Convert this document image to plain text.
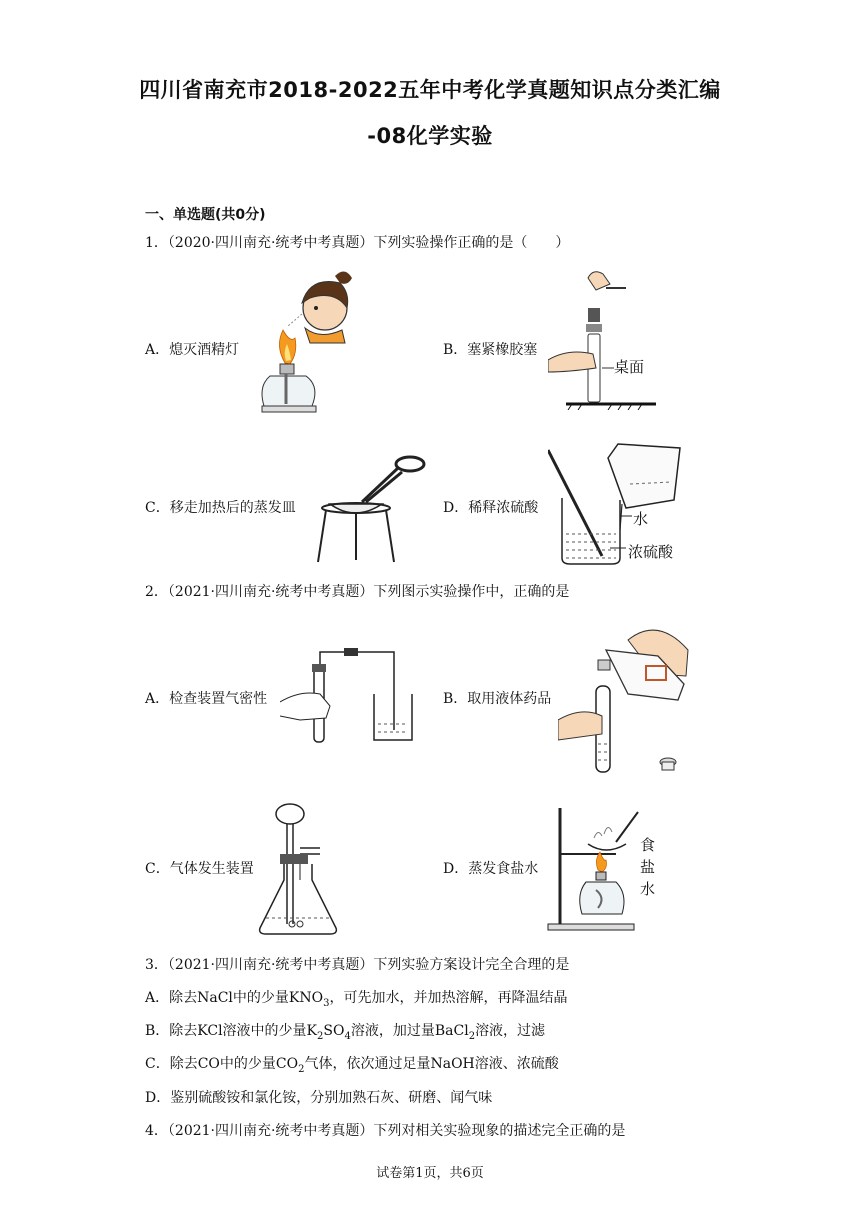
四川省南充市2018-2022五年中考化学真题知识点分类汇编
-08化学实验
一、单选题(共0分)
1．（2020·四川南充·统考中考真题）下列实验操作正确的是（　　）
A．熄灭酒精灯	B．塞紧橡胶塞
桌面
C．移走加热后的蒸发皿	D．稀释浓硫酸
水
浓硫酸
2．（2021·四川南充·统考中考真题）下列图示实验操作中，正确的是
A．检查装置气密性	B．取用液体药品
C．气体发生装置	D．蒸发食盐水
食
盐
水
3．（2021·四川南充·统考中考真题）下列实验方案设计完全合理的是
A．除去NaCl中的少量$KNO_3$，可先加水，并加热溶解，再降温结晶
B．除去KCl溶液中的少量$K_2SO_4$溶液，加过量BaCl$_2$溶液，过滤
C．除去CO中的少量$CO_2$气体，依次通过足量NaOH溶液、浓硫酸
D．鉴别硫酸铵和氯化铵，分别加熟石灰、研磨、闻气味
4．（2021·四川南充·统考中考真题）下列对相关实验现象的描述完全正确的是
试卷第1页，共6页
